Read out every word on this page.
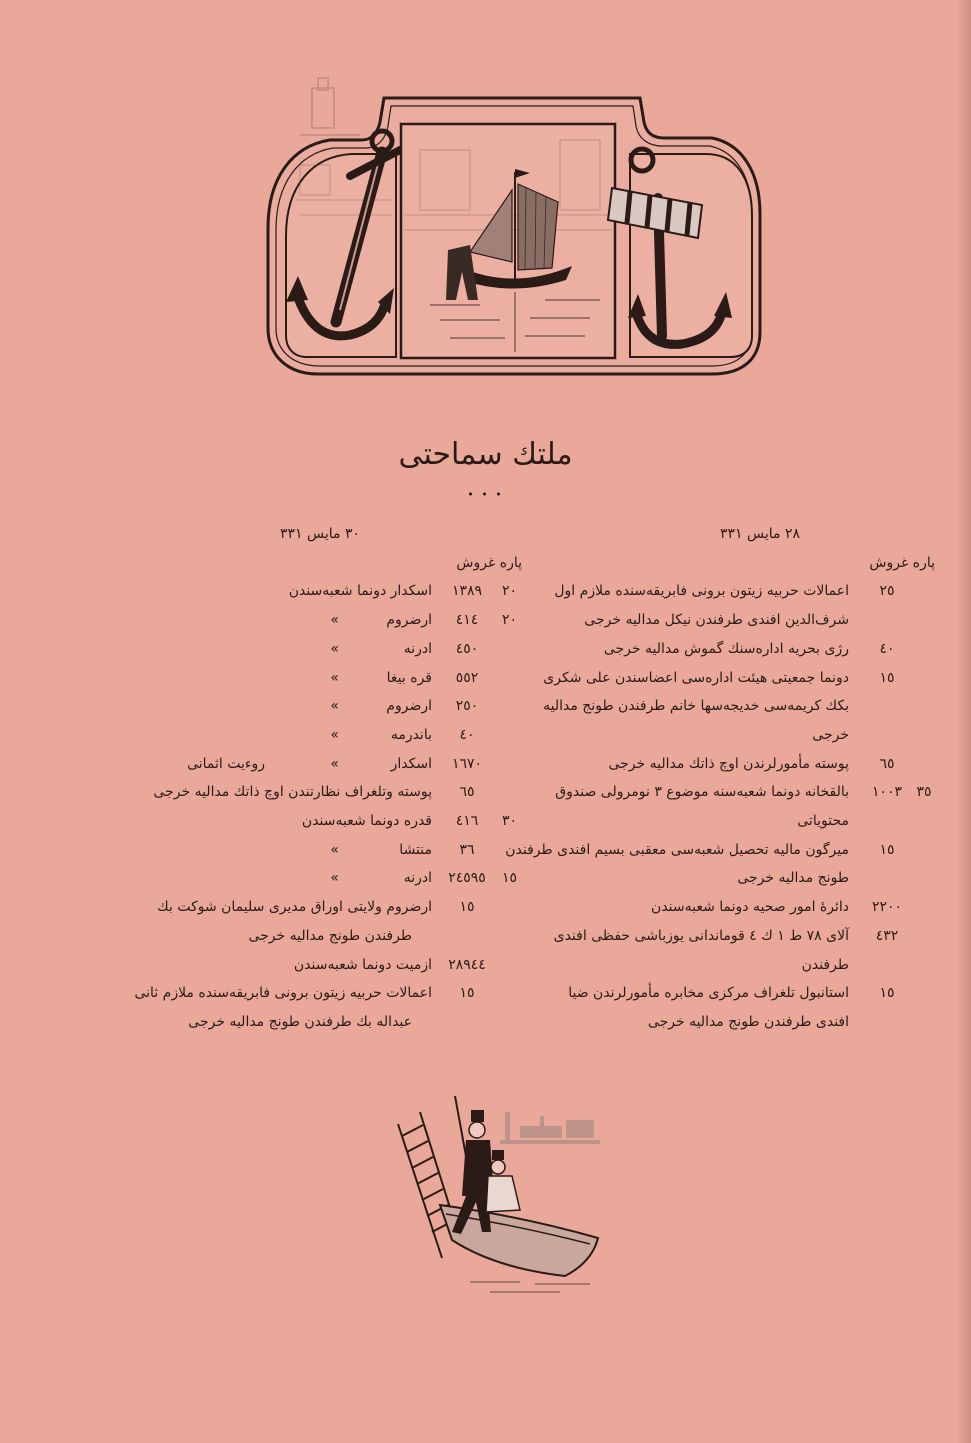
ملتك سماحتی
• • •
٢٨ مايس ٣٣١
پاره غروش
٢٥
اعمالات حربیه زیتون برونی فابریقه‌سنده ملازم اول
شرف‌الدین افندی طرفندن نیكل مدالیه خرجی
٤٠
رژی بحریه اداره‌سنك گموش مدالیه خرجی
١٥
دونما جمعیتی هیئت اداره‌سی اعضاسندن علی شكری
بكك كریمه‌سی خدیجه‌سها خانم طرفندن طونج مدالیه
خرجی
٦٥
پوسته مأمورلرندن اوچ ذاتك مدالیه خرجی
٣٥
١٠٠٣
بالقخانه دونما شعبه‌سنه موضوع ٣ نومرولی صندوق
محتویاتی
١٥
میرگون مالیه تحصیل شعبه‌سی معقبی بسیم افندی طرفندن
طونج مدالیه خرجی
٢٢٠٠
دائرهٔ امور صحیه دونما شعبه‌سندن
٤٣٢
آلای ٧٨ ط ١ ك ٤ قوماندانی یوزباشی حفظی افندی
طرفندن
١٥
استانبول تلغراف مركزی مخابره مأمورلرندن ضیا
افندی طرفندن طونج مدالیه خرجی
٣٠ مايس ٣٣١
پاره غروش
٢٠
١٣٨٩
اسكدار دونما شعبه‌سندن
٢٠
٤١٤
ارضروم
»
٤٥٠
ادرنه
»
٥٥٢
قره بیغا
»
٢٥٠
ارضروم
»
٤٠
باندرمه
»
١٦٧٠
اسكدار
»
روءیت اثمانی
٦٥
پوسته وتلغراف نظارتندن اوچ ذاتك مدالیه خرجی
٣٠
٤١٦
قدره دونما شعبه‌سندن
٣٦
منتشا
»
١٥
٢٤٥٩٥
ادرنه
»
١٥
ارضروم ولایتی اوراق مدیری سلیمان شوكت بك
طرفندن طونج مدالیه خرجی
٢٨٩٤٤
ازمیت دونما شعبه‌سندن
١٥
اعمالات حربیه زیتون برونی فابریقه‌سنده ملازم ثانی
عبداله بك طرفندن طونج مدالیه خرجی
